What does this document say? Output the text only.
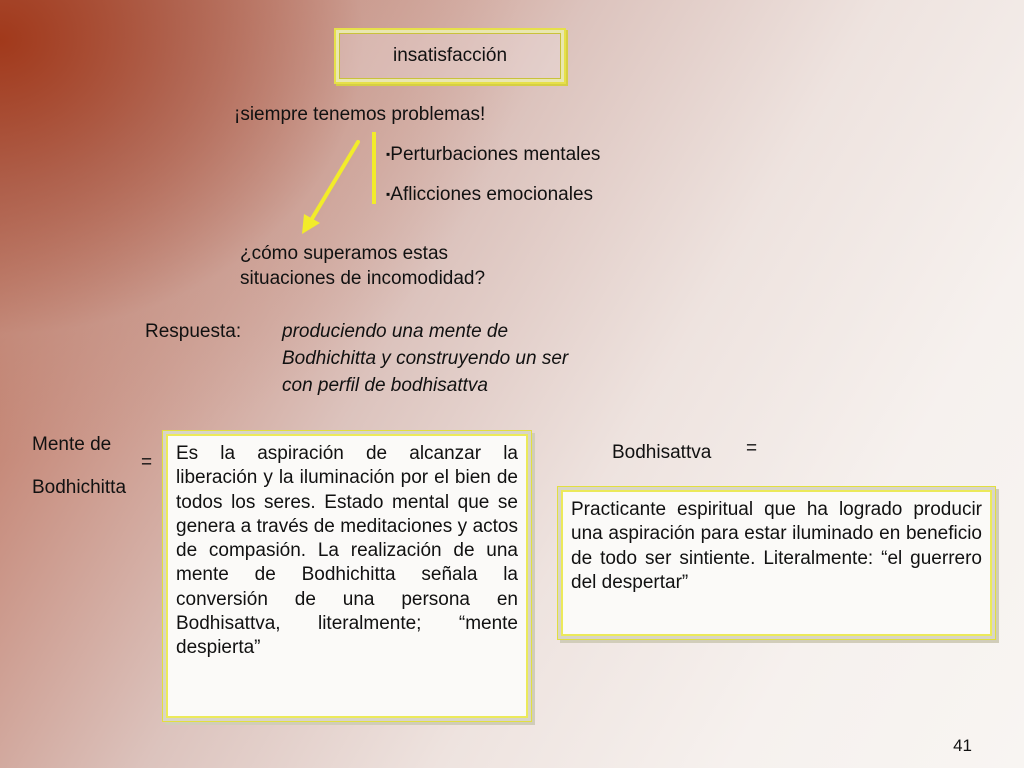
insatisfacción
¡siempre tenemos problemas!
▪Perturbaciones mentales
▪Aflicciones emocionales
¿cómo superamos estas
situaciones de incomodidad?
Respuesta: produciendo una mente de
Bodhichitta y construyendo un ser
con perfil de bodhisattva
Mente de
Bodhichitta
=	Es la aspiración de alcanzar la liberación y la iluminación por el bien de todos los seres. Estado mental que se genera a través de meditaciones y actos de compasión. La realización de una mente de Bodhichitta señala la conversión de una persona en Bodhisattva, literalmente; “mente despierta”
Bodhisattva =
Practicante espiritual que ha logrado producir una aspiración para estar iluminado en beneficio de todo ser sintiente. Literalmente: “el guerrero del despertar”
41
